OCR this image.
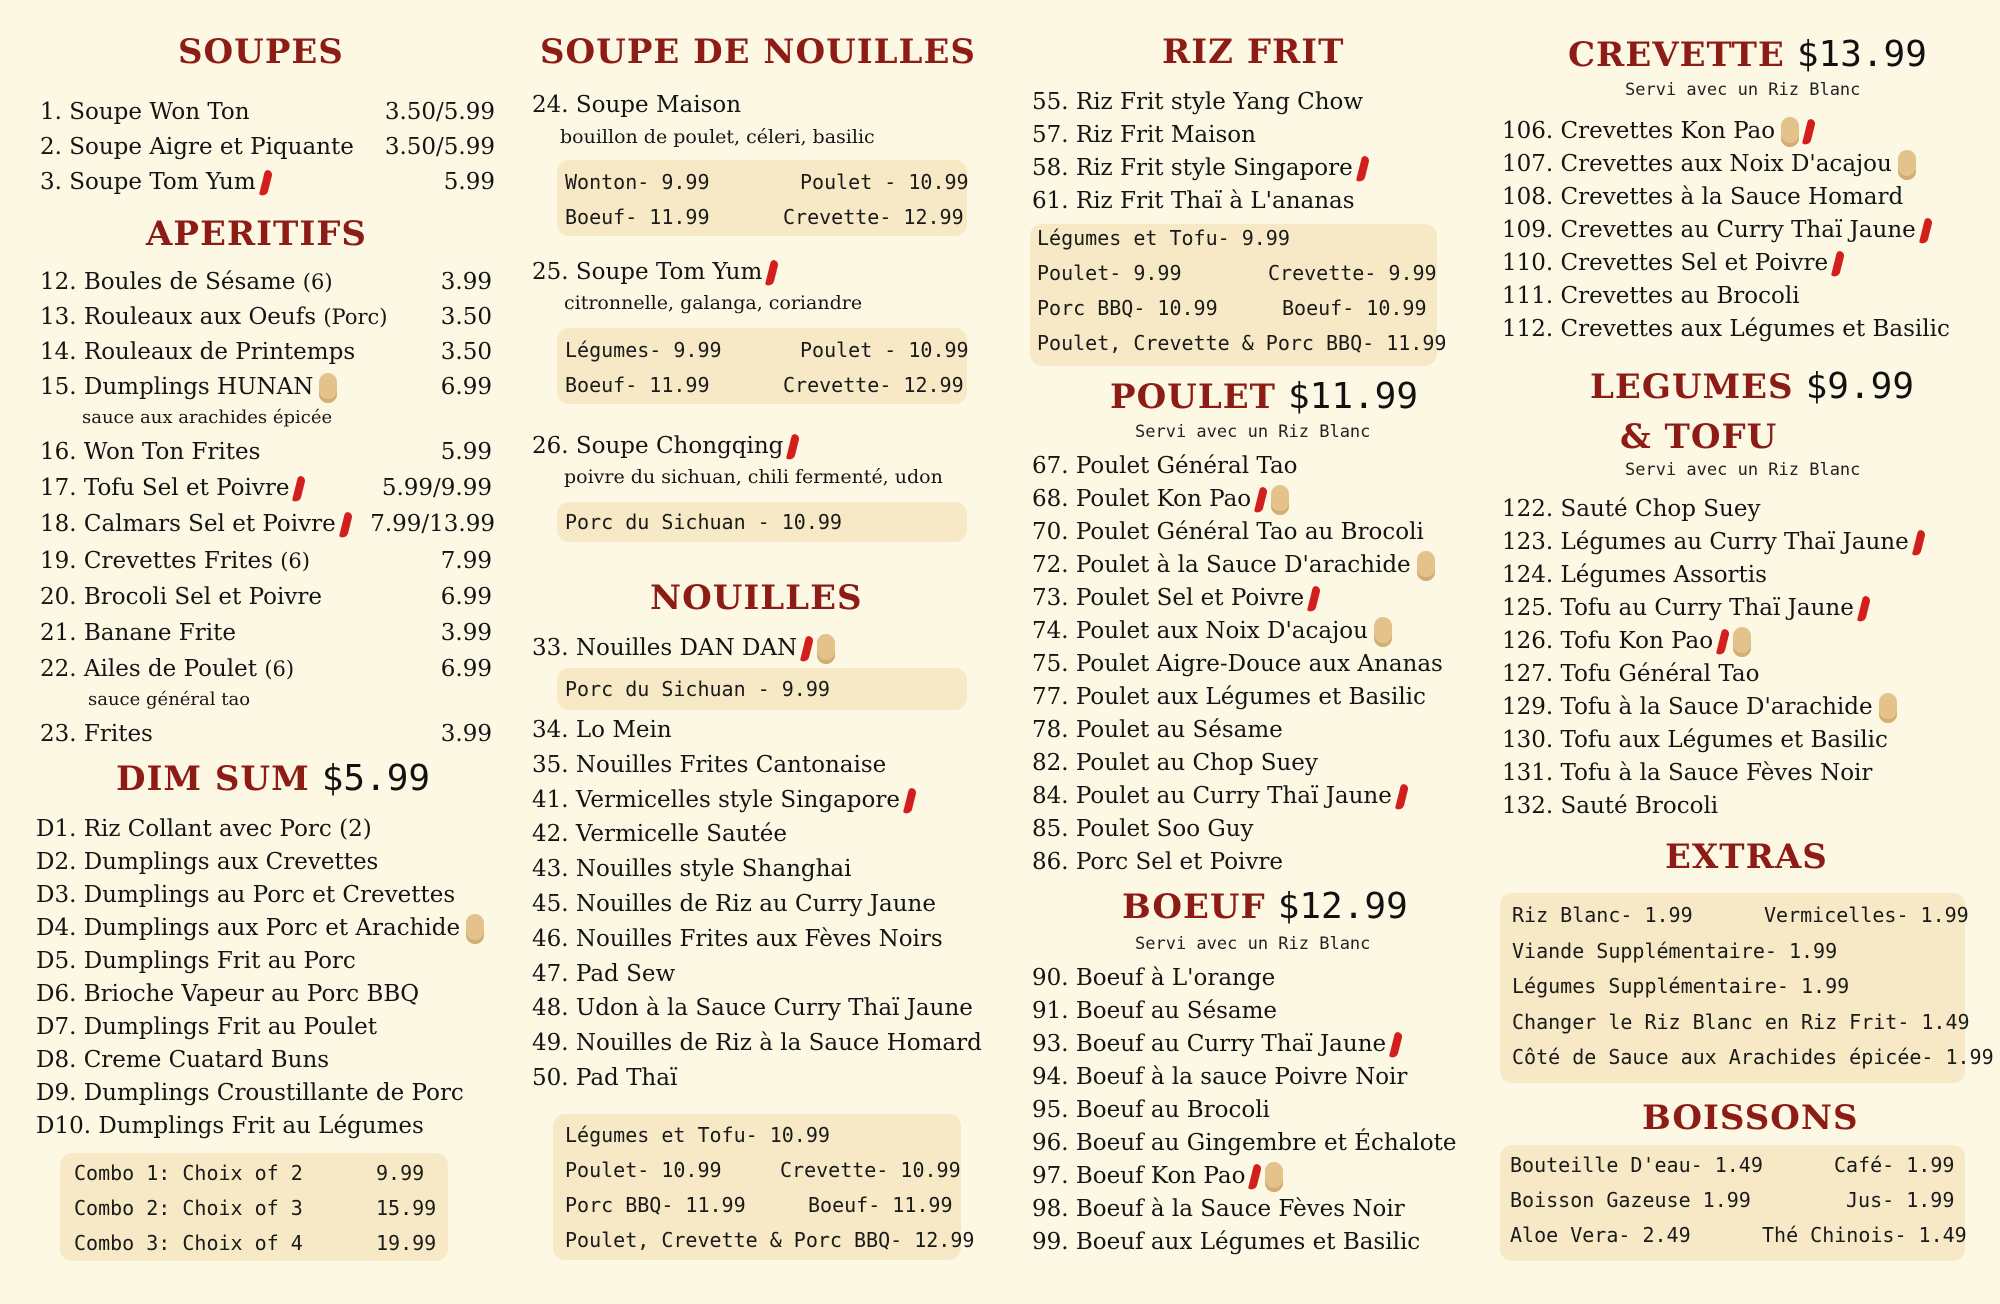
SOUPES
1. Soupe Won Ton	3.50/5.99
2. Soupe Aigre et Piquante 3.50/5.99
3. Soupe Tom Yum	5.99
APERITIFS
12. Boules de Sésame (6)	3.99
13. Rouleaux aux Oeufs (Porc) 3.50
14. Rouleaux de Printemps	3.50
15. Dumplings HUNAN	6.99
sauce aux arachides épicée
16. Won Ton Frites	5.99
17. Tofu Sel et Poivre	5.99/9.99
18. Calmars Sel et Poivre 7.99/13.99
19. Crevettes Frites (6)	7.99
20. Brocoli Sel et Poivre	6.99
21. Banane Frite	3.99
22. Ailes de Poulet (6)	6.99
sauce général tao
23. Frites	3.99
DIM SUM $5.99
D1. Riz Collant avec Porc (2)
D2. Dumplings aux Crevettes
D3. Dumplings au Porc et Crevettes
D4. Dumplings aux Porc et Arachide
D5. Dumplings Frit au Porc
D6. Brioche Vapeur au Porc BBQ
D7. Dumplings Frit au Poulet
D8. Creme Cuatard Buns
D9. Dumplings Croustillante de Porc
D10. Dumplings Frit au Légumes
Combo 1: Choix of 2	9.99
Combo 2: Choix of 3	15.99
Combo 3: Choix of 4	19.99
SOUPE DE NOUILLES
24. Soupe Maison
bouillon de poulet, céleri, basilic
Wonton- 9.99	Poulet - 10.99
Boeuf- 11.99	Crevette- 12.99
25. Soupe Tom Yum
citronnelle, galanga, coriandre
Légumes- 9.99	Poulet - 10.99
Boeuf- 11.99	Crevette- 12.99
26. Soupe Chongqing
poivre du sichuan, chili fermenté, udon
Porc du Sichuan - 10.99
NOUILLES
33. Nouilles DAN DAN
Porc du Sichuan - 9.99
34. Lo Mein
35. Nouilles Frites Cantonaise
41. Vermicelles style Singapore
42. Vermicelle Sautée
43. Nouilles style Shanghai
45. Nouilles de Riz au Curry Jaune
46. Nouilles Frites aux Fèves Noirs
47. Pad Sew
48. Udon à la Sauce Curry Thaï Jaune
49. Nouilles de Riz à la Sauce Homard
50. Pad Thaï
Légumes et Tofu- 10.99
Poulet- 10.99	Crevette- 10.99
Porc BBQ- 11.99	Boeuf- 11.99
Poulet, Crevette & Porc BBQ- 12.99
RIZ FRIT
55. Riz Frit style Yang Chow
57. Riz Frit Maison
58. Riz Frit style Singapore
61. Riz Frit Thaï à L'ananas
Légumes et Tofu- 9.99
Poulet- 9.99	Crevette- 9.99
Porc BBQ- 10.99	Boeuf- 10.99
Poulet, Crevette & Porc BBQ- 11.99
POULET $11.99
Servi avec un Riz Blanc
67. Poulet Général Tao
68. Poulet Kon Pao
70. Poulet Général Tao au Brocoli
72. Poulet à la Sauce D'arachide
73. Poulet Sel et Poivre
74. Poulet aux Noix D'acajou
75. Poulet Aigre-Douce aux Ananas
77. Poulet aux Légumes et Basilic
78. Poulet au Sésame
82. Poulet au Chop Suey
84. Poulet au Curry Thaï Jaune
85. Poulet Soo Guy
86. Porc Sel et Poivre
BOEUF $12.99
Servi avec un Riz Blanc
90. Boeuf à L'orange
91. Boeuf au Sésame
93. Boeuf au Curry Thaï Jaune
94. Boeuf à la sauce Poivre Noir
95. Boeuf au Brocoli
96. Boeuf au Gingembre et Échalote
97. Boeuf Kon Pao
98. Boeuf à la Sauce Fèves Noir
99. Boeuf aux Légumes et Basilic
CREVETTE $13.99
Servi avec un Riz Blanc
106. Crevettes Kon Pao
107. Crevettes aux Noix D'acajou
108. Crevettes à la Sauce Homard
109. Crevettes au Curry Thaï Jaune
110. Crevettes Sel et Poivre
111. Crevettes au Brocoli
112. Crevettes aux Légumes et Basilic
LEGUMES $9.99
& TOFU
Servi avec un Riz Blanc
122. Sauté Chop Suey
123. Légumes au Curry Thaï Jaune
124. Légumes Assortis
125. Tofu au Curry Thaï Jaune
126. Tofu Kon Pao
127. Tofu Général Tao
129. Tofu à la Sauce D'arachide
130. Tofu aux Légumes et Basilic
131. Tofu à la Sauce Fèves Noir
132. Sauté Brocoli
EXTRAS
Riz Blanc- 1.99	Vermicelles- 1.99
Viande Supplémentaire- 1.99
Légumes Supplémentaire- 1.99
Changer le Riz Blanc en Riz Frit- 1.49
Côté de Sauce aux Arachides épicée- 1.99
BOISSONS
Bouteille D'eau- 1.49	Café- 1.99
Boisson Gazeuse 1.99	Jus- 1.99
Aloe Vera- 2.49	Thé Chinois- 1.49
